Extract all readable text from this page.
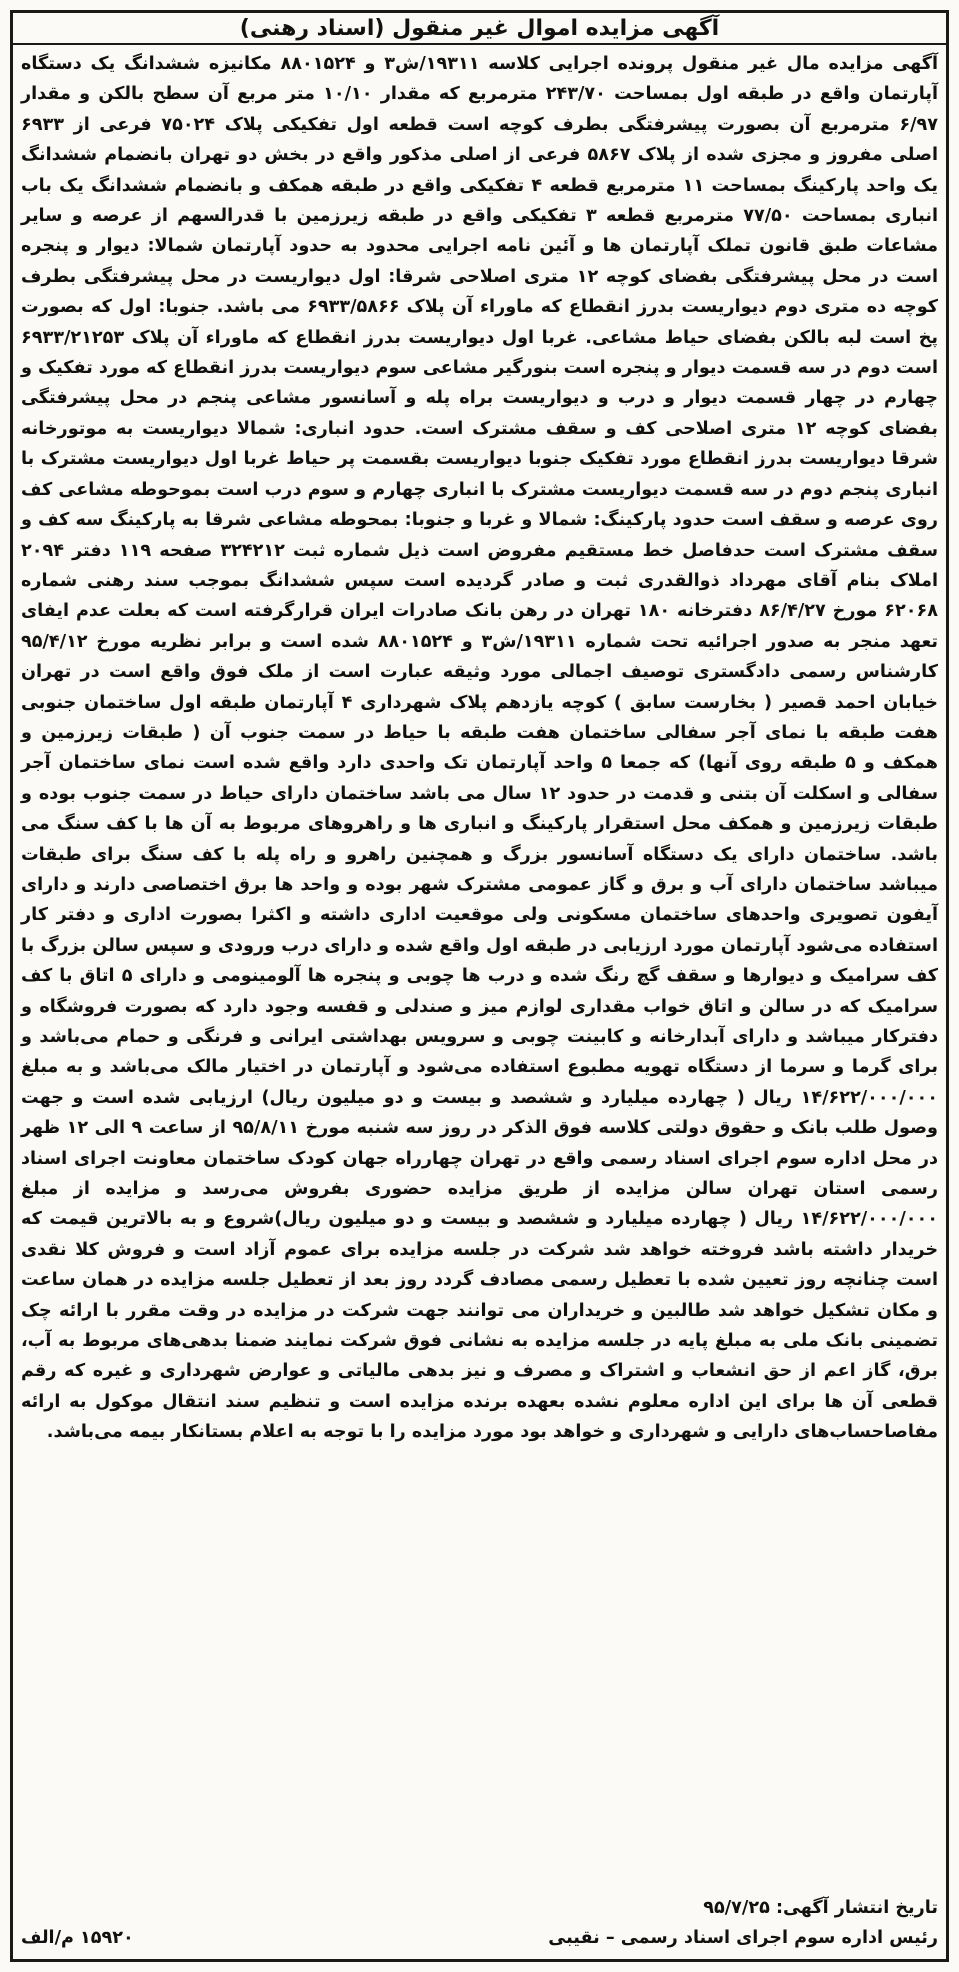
آگهی مزایده اموال غیر منقول (اسناد رهنی)
آگهی مزایده مال غیر منقول پرونده اجرایی کلاسه ۱۹۳۱۱/ش۳ و ۸۸۰۱۵۲۴ مکانیزه ششدانگ یک دستگاه آپارتمان واقع در طبقه اول بمساحت ۲۴۳/۷۰ مترمربع که مقدار ۱۰/۱۰ متر مربع آن سطح بالکن و مقدار ۶/۹۷ مترمربع آن بصورت پیشرفتگی بطرف کوچه است قطعه اول تفکیکی پلاک ۷۵۰۲۴ فرعی از ۶۹۳۳ اصلی مفروز و مجزی شده از پلاک ۵۸۶۷ فرعی از اصلی مذکور واقع در بخش دو تهران بانضمام ششدانگ یک واحد پارکینگ بمساحت ۱۱ مترمربع قطعه ۴ تفکیکی واقع در طبقه همکف و بانضمام ششدانگ یک باب انباری بمساحت ۷۷/۵۰ مترمربع قطعه ۳ تفکیکی واقع در طبقه زیرزمین با قدرالسهم از عرصه و سایر مشاعات طبق قانون تملک آپارتمان ها و آئین نامه اجرایی محدود به حدود آپارتمان شمالا: دیوار و پنجره است در محل پیشرفتگی بفضای کوچه ۱۲ متری اصلاحی شرقا: اول دیواریست در محل پیشرفتگی بطرف کوچه ده متری دوم دیواریست بدرز انقطاع که ماوراء آن پلاک ۶۹۳۳/۵۸۶۶ می باشد. جنوبا: اول که بصورت پخ است لبه بالکن بفضای حیاط مشاعی. غربا اول دیواریست بدرز انقطاع که ماوراء آن پلاک ۶۹۳۳/۲۱۲۵۳ است دوم در سه قسمت دیوار و پنجره است بنورگیر مشاعی سوم دیواریست بدرز انقطاع که مورد تفکیک و چهارم در چهار قسمت دیوار و درب و دیواریست براه پله و آسانسور مشاعی پنجم در محل پیشرفتگی بفضای کوچه ۱۲ متری اصلاحی کف و سقف مشترک است. حدود انباری: شمالا دیواریست به موتورخانه شرقا دیواریست بدرز انقطاع مورد تفکیک جنوبا دیواریست بقسمت پر حیاط غربا اول دیواریست مشترک با انباری پنجم دوم در سه قسمت دیواریست مشترک با انباری چهارم و سوم درب است بموحوطه مشاعی کف روی عرصه و سقف است حدود پارکینگ: شمالا و غربا و جنوبا: بمحوطه مشاعی شرقا به پارکینگ سه کف و سقف مشترک است حدفاصل خط مستقیم مفروض است ذیل شماره ثبت ۳۲۴۲۱۲ صفحه ۱۱۹ دفتر ۲۰۹۴ املاک بنام آقای مهرداد ذوالقدری ثبت و صادر گردیده است سپس ششدانگ بموجب سند رهنی شماره ۶۲۰۶۸ مورخ ۸۶/۴/۲۷ دفترخانه ۱۸۰ تهران در رهن بانک صادرات ایران قرارگرفته است که بعلت عدم ایفای تعهد منجر به صدور اجرائیه تحت شماره ۱۹۳۱۱/ش۳ و ۸۸۰۱۵۲۴ شده است و برابر نظریه مورخ ۹۵/۴/۱۲ کارشناس رسمی دادگستری توصیف اجمالی مورد وثیقه عبارت است از ملک فوق واقع است در تهران خیابان احمد قصیر ( بخارست سابق ) کوچه یازدهم پلاک شهرداری ۴ آپارتمان طبقه اول ساختمان جنوبی هفت طبقه با نمای آجر سفالی ساختمان هفت طبقه با حیاط در سمت جنوب آن ( طبقات زیرزمین و همکف و ۵ طبقه روی آنها) که جمعا ۵ واحد آپارتمان تک واحدی دارد واقع شده است نمای ساختمان آجر سفالی و اسکلت آن بتنی و قدمت در حدود ۱۲ سال می باشد ساختمان دارای حیاط در سمت جنوب بوده و طبقات زیرزمین و همکف محل استقرار پارکینگ و انباری ها و راهروهای مربوط به آن ها با کف سنگ می باشد. ساختمان دارای یک دستگاه آسانسور بزرگ و همچنین راهرو و راه پله با کف سنگ برای طبقات میباشد ساختمان دارای آب و برق و گاز عمومی مشترک شهر بوده و واحد ها برق اختصاصی دارند و دارای آیفون تصویری واحدهای ساختمان مسکونی ولی موقعیت اداری داشته و اکثرا بصورت اداری و دفتر کار استفاده می‌شود آپارتمان مورد ارزیابی در طبقه اول واقع شده و دارای درب ورودی و سپس سالن بزرگ با کف سرامیک و دیوارها و سقف گچ رنگ شده و درب ها چوبی و پنجره ها آلومینومی و دارای ۵ اتاق با کف سرامیک که در سالن و اتاق خواب مقداری لوازم میز و صندلی و قفسه وجود دارد که بصورت فروشگاه و دفترکار میباشد و دارای آبدارخانه و کابینت چوبی و سرویس بهداشتی ایرانی و فرنگی و حمام می‌باشد و برای گرما و سرما از دستگاه تهویه مطبوع استفاده می‌شود و آپارتمان در اختیار مالک می‌باشد و به مبلغ ۱۴/۶۲۲/۰۰۰/۰۰۰ ریال ( چهارده میلیارد و ششصد و بیست و دو میلیون ریال) ارزیابی شده است و جهت وصول طلب بانک و حقوق دولتی کلاسه فوق الذکر در روز سه شنبه مورخ ۹۵/۸/۱۱ از ساعت ۹ الی ۱۲ ظهر در محل اداره سوم اجرای اسناد رسمی واقع در تهران چهارراه جهان کودک ساختمان معاونت اجرای اسناد رسمی استان تهران سالن مزایده از طریق مزایده حضوری بفروش می‌رسد و مزایده از مبلغ ۱۴/۶۲۲/۰۰۰/۰۰۰ ریال ( چهارده میلیارد و ششصد و بیست و دو میلیون ریال)شروع و به بالاترین قیمت که خریدار داشته باشد فروخته خواهد شد شرکت در جلسه مزایده برای عموم آزاد است و فروش کلا نقدی است چنانچه روز تعیین شده با تعطیل رسمی مصادف گردد روز بعد از تعطیل جلسه مزایده در همان ساعت و مکان تشکیل خواهد شد طالبین و خریداران می توانند جهت شرکت در مزایده در وقت مقرر با ارائه چک تضمینی بانک ملی به مبلغ پایه در جلسه مزایده به نشانی فوق شرکت نمایند ضمنا بدهی‌های مربوط به آب، برق، گاز اعم از حق انشعاب و اشتراک و مصرف و نیز بدهی مالیاتی و عوارض شهرداری و غیره که رقم قطعی آن ها برای این اداره معلوم نشده بعهده برنده مزایده است و تنظیم سند انتقال موکول به ارائه مفاصاحساب‌های دارایی و شهرداری و خواهد بود مورد مزایده را با توجه به اعلام بستانکار بیمه می‌باشد.
تاریخ انتشار آگهی: ۹۵/۷/۲۵
رئیس اداره سوم اجرای اسناد رسمی – نقیبی
۱۵۹۲۰ م/الف
